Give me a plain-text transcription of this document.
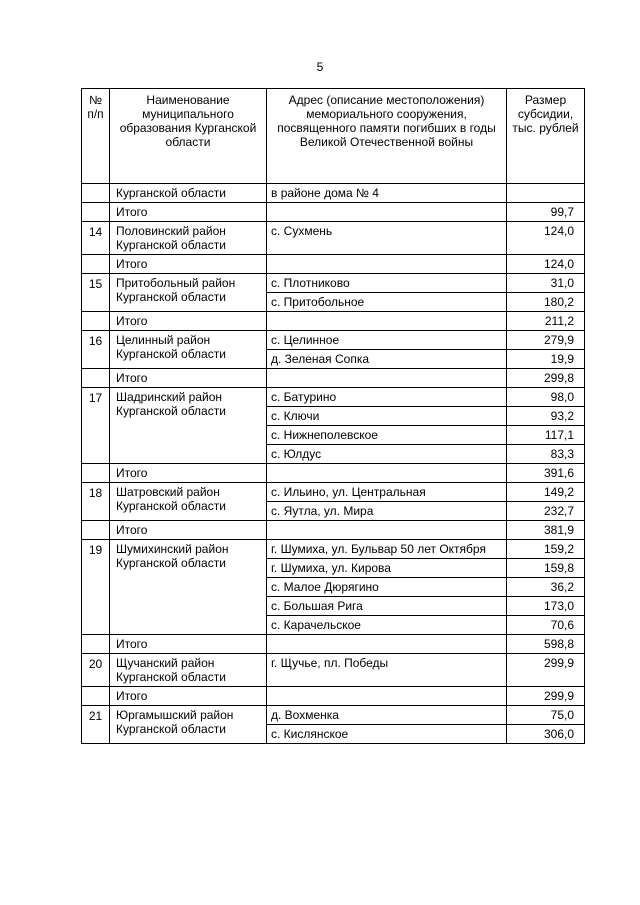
5
№ п/п	Наименование муниципального образования Курганской области	Адрес (описание местоположения) мемориального сооружения, посвященного памяти погибших в годы Великой Отечественной войны	Размер субсидии, тыс. рублей
	Курганской области	в районе дома № 4	
	Итого		99,7
14	Половинский район Курганской области	с. Сухмень	124,0
	Итого		124,0
15	Притобольный район Курганской области	с. Плотниково	31,0
		с. Притобольное	180,2
	Итого		211,2
16	Целинный район Курганской области	с. Целинное	279,9
		д. Зеленая Сопка	19,9
	Итого		299,8
17	Шадринский район Курганской области	с. Батурино	98,0
		с. Ключи	93,2
		с. Нижнеполевское	117,1
		с. Юлдус	83,3
	Итого		391,6
18	Шатровский район Курганской области	с. Ильино, ул. Центральная	149,2
		с. Яутла, ул. Мира	232,7
	Итого		381,9
19	Шумихинский район Курганской области	г. Шумиха, ул. Бульвар 50 лет Октября	159,2
		г. Шумиха, ул. Кирова	159,8
		с. Малое Дюрягино	36,2
		с. Большая Рига	173,0
		с. Карачельское	70,6
	Итого		598,8
20	Щучанский район Курганской области	г. Щучье, пл. Победы	299,9
	Итого		299,9
21	Юргамышский район Курганской области	д. Вохменка	75,0
		с. Кислянское	306,0
